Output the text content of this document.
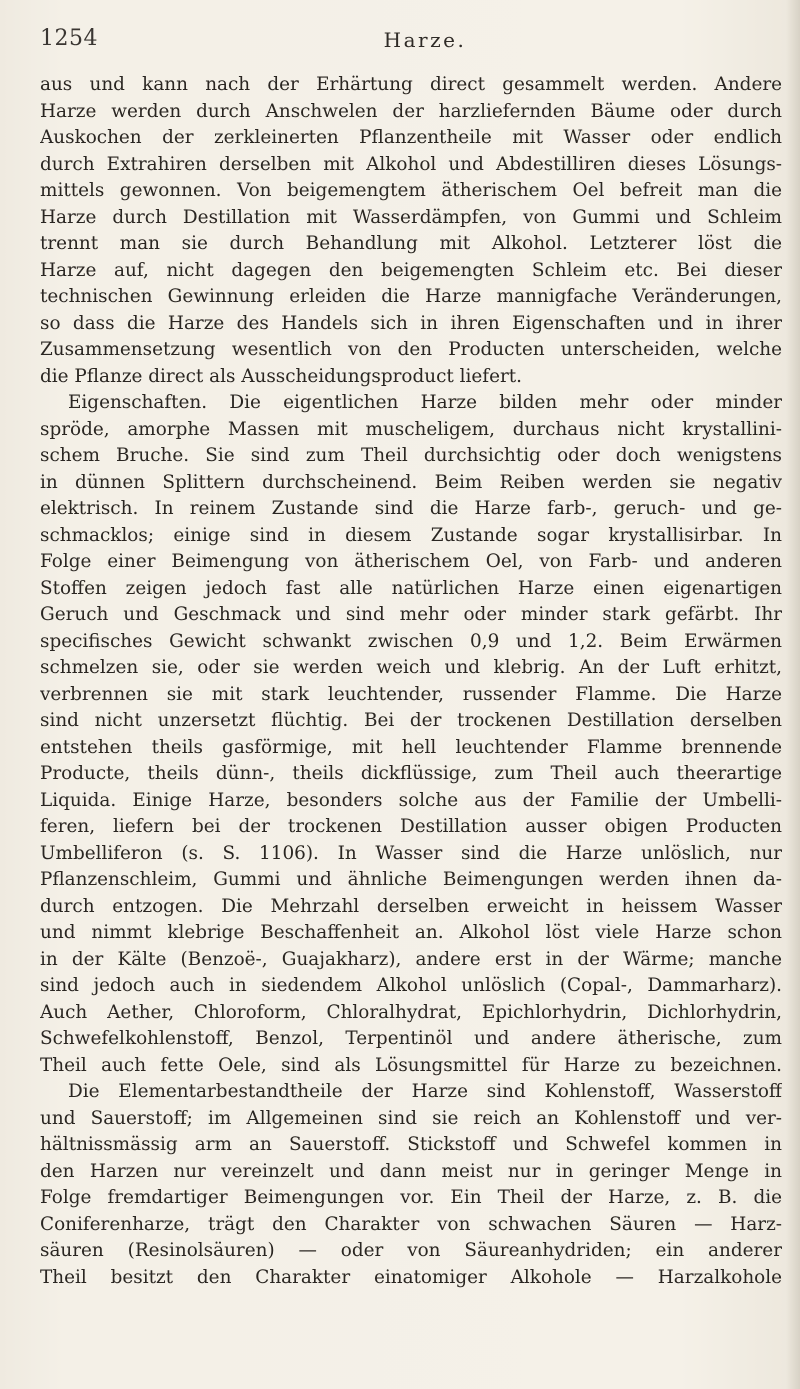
1254	Harze.
aus und kann nach der Erhärtung direct gesammelt werden. Andere
Harze werden durch Anschwelen der harzliefernden Bäume oder durch
Auskochen der zerkleinerten Pflanzentheile mit Wasser oder endlich
durch Extrahiren derselben mit Alkohol und Abdestilliren dieses Lösungs-
mittels gewonnen. Von beigemengtem ätherischem Oel befreit man die
Harze durch Destillation mit Wasserdämpfen, von Gummi und Schleim
trennt man sie durch Behandlung mit Alkohol. Letzterer löst die
Harze auf, nicht dagegen den beigemengten Schleim etc. Bei dieser
technischen Gewinnung erleiden die Harze mannigfache Veränderungen,
so dass die Harze des Handels sich in ihren Eigenschaften und in ihrer
Zusammensetzung wesentlich von den Producten unterscheiden, welche
die Pflanze direct als Ausscheidungsproduct liefert.
Eigenschaften. Die eigentlichen Harze bilden mehr oder minder
spröde, amorphe Massen mit muscheligem, durchaus nicht krystallini-
schem Bruche. Sie sind zum Theil durchsichtig oder doch wenigstens
in dünnen Splittern durchscheinend. Beim Reiben werden sie negativ
elektrisch. In reinem Zustande sind die Harze farb-, geruch- und ge-
schmacklos; einige sind in diesem Zustande sogar krystallisirbar. In
Folge einer Beimengung von ätherischem Oel, von Farb- und anderen
Stoffen zeigen jedoch fast alle natürlichen Harze einen eigenartigen
Geruch und Geschmack und sind mehr oder minder stark gefärbt. Ihr
specifisches Gewicht schwankt zwischen 0,9 und 1,2. Beim Erwärmen
schmelzen sie, oder sie werden weich und klebrig. An der Luft erhitzt,
verbrennen sie mit stark leuchtender, russender Flamme. Die Harze
sind nicht unzersetzt flüchtig. Bei der trockenen Destillation derselben
entstehen theils gasförmige, mit hell leuchtender Flamme brennende
Producte, theils dünn-, theils dickflüssige, zum Theil auch theerartige
Liquida. Einige Harze, besonders solche aus der Familie der Umbelli-
feren, liefern bei der trockenen Destillation ausser obigen Producten
Umbelliferon (s. S. 1106). In Wasser sind die Harze unlöslich, nur
Pflanzenschleim, Gummi und ähnliche Beimengungen werden ihnen da-
durch entzogen. Die Mehrzahl derselben erweicht in heissem Wasser
und nimmt klebrige Beschaffenheit an. Alkohol löst viele Harze schon
in der Kälte (Benzoë-, Guajakharz), andere erst in der Wärme; manche
sind jedoch auch in siedendem Alkohol unlöslich (Copal-, Dammarharz).
Auch Aether, Chloroform, Chloralhydrat, Epichlorhydrin, Dichlorhydrin,
Schwefelkohlenstoff, Benzol, Terpentinöl und andere ätherische, zum
Theil auch fette Oele, sind als Lösungsmittel für Harze zu bezeichnen.
Die Elementarbestandtheile der Harze sind Kohlenstoff, Wasserstoff
und Sauerstoff; im Allgemeinen sind sie reich an Kohlenstoff und ver-
hältnissmässig arm an Sauerstoff. Stickstoff und Schwefel kommen in
den Harzen nur vereinzelt und dann meist nur in geringer Menge in
Folge fremdartiger Beimengungen vor. Ein Theil der Harze, z. B. die
Coniferenharze, trägt den Charakter von schwachen Säuren — Harz-
säuren (Resinolsäuren) — oder von Säureanhydriden; ein anderer
Theil besitzt den Charakter einatomiger Alkohole — Harzalkohole
